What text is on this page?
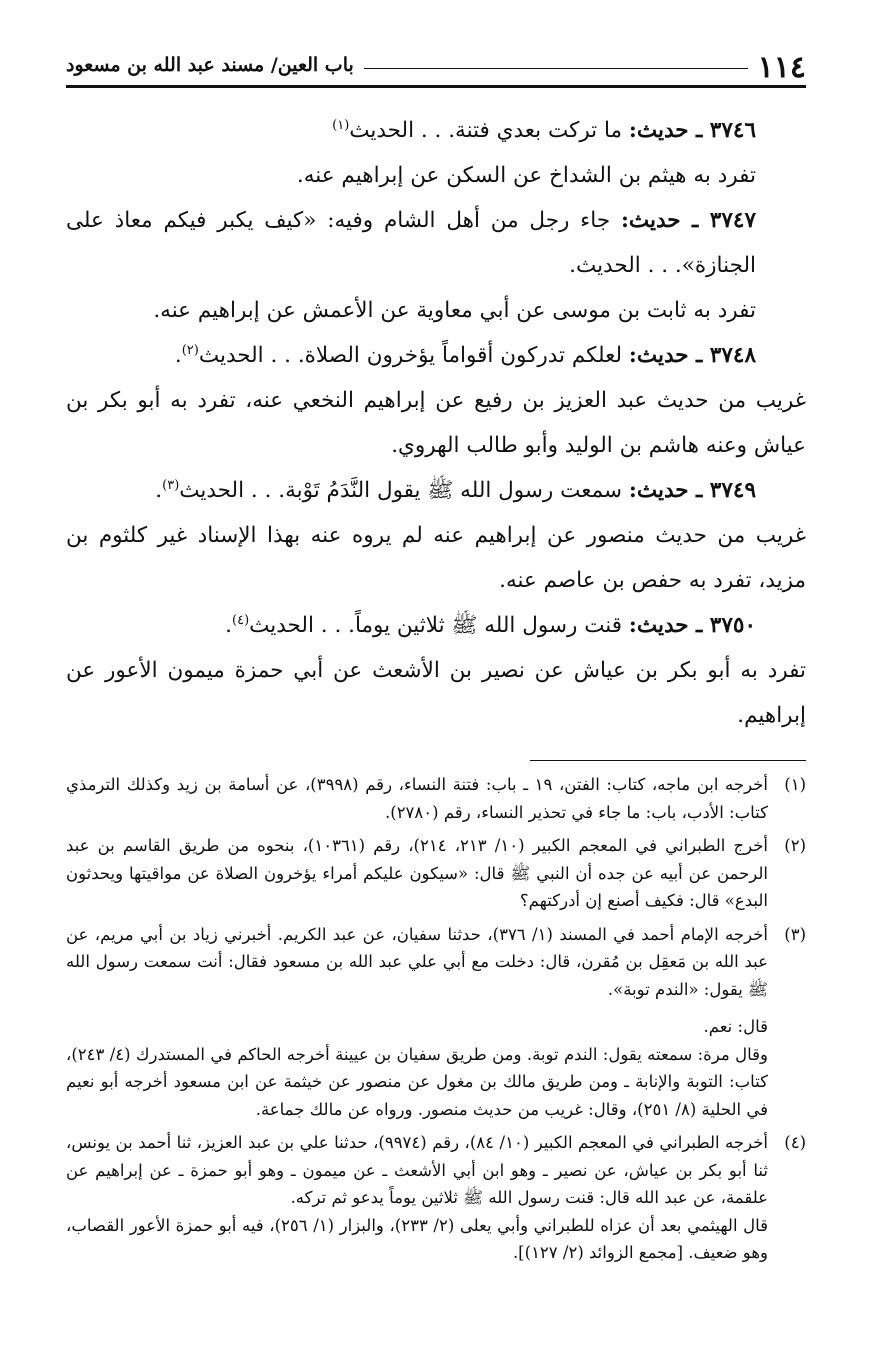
١١٤
باب العين/ مسند عبد الله بن مسعود

٣٧٤٦ ـ حديث: ما تركت بعدي فتنة. . . الحديث$^{(١)}$

تفرد به هيثم بن الشداخ عن السكن عن إبراهيم عنه.

٣٧٤٧ ـ حديث: جاء رجل من أهل الشام وفيه: «كيف يكبر فيكم معاذ على الجنازة». . . الحديث.

تفرد به ثابت بن موسى عن أبي معاوية عن الأعمش عن إبراهيم عنه.

٣٧٤٨ ـ حديث: لعلكم تدركون أقواماً يؤخرون الصلاة. . . الحديث$^{(٢)}$.

غريب من حديث عبد العزيز بن رفيع عن إبراهيم النخعي عنه، تفرد به أبو بكر بن عياش وعنه هاشم بن الوليد وأبو طالب الهروي.

٣٧٤٩ ـ حديث: سمعت رسول الله ﷺ يقول النَّدَمُ تَوْبة. . . الحديث$^{(٣)}$.

غريب من حديث منصور عن إبراهيم عنه لم يروه عنه بهذا الإسناد غير كلثوم بن مزيد، تفرد به حفص بن عاصم عنه.

٣٧٥٠ ـ حديث: قنت رسول الله ﷺ ثلاثين يوماً. . . الحديث$^{(٤)}$.

تفرد به أبو بكر بن عياش عن نصير بن الأشعث عن أبي حمزة ميمون الأعور عن إبراهيم.

(١)

أخرجه ابن ماجه، كتاب: الفتن، ١٩ ـ باب: فتنة النساء، رقم (٣٩٩٨)، عن أسامة بن زيد وكذلك الترمذي كتاب: الأدب، باب: ما جاء في تحذير النساء، رقم (٢٧٨٠).

(٢)

أخرج الطبراني في المعجم الكبير (١٠/ ٢١٣، ٢١٤)، رقم (١٠٣٦١)، بنحوه من طريق القاسم بن عبد الرحمن عن أبيه عن جده أن النبي ﷺ قال: «سيكون عليكم أمراء يؤخرون الصلاة عن مواقيتها ويحدثون البدع» قال: فكيف أصنع إن أدركتهم؟

(٣)

أخرجه الإمام أحمد في المسند (١/ ٣٧٦)، حدثنا سفيان، عن عبد الكريم. أخبرني زياد بن أبي مريم، عن عبد الله بن مَعقِل بن مُقرن، قال: دخلت مع أبي علي عبد الله بن مسعود فقال: أنت سمعت رسول الله ﷺ يقول: «الندم توبة».

قال: نعم.

وقال مرة: سمعته يقول: الندم توبة. ومن طريق سفيان بن عيينة أخرجه الحاكم في المستدرك (٤/ ٢٤٣)، كتاب: التوبة والإنابة ـ ومن طريق مالك بن مغول عن منصور عن خيثمة عن ابن مسعود أخرجه أبو نعيم في الحلية (٨/ ٢٥١)، وقال: غريب من حديث منصور. ورواه عن مالك جماعة.

(٤)

أخرجه الطبراني في المعجم الكبير (١٠/ ٨٤)، رقم (٩٩٧٤)، حدثنا علي بن عبد العزيز، ثنا أحمد بن يونس، ثنا أبو بكر بن عياش، عن نصير ـ وهو ابن أبي الأشعث ـ عن ميمون ـ وهو أبو حمزة ـ عن إبراهيم عن علقمة، عن عبد الله قال: قنت رسول الله ﷺ ثلاثين يوماً يدعو ثم تركه.

قال الهيثمي بعد أن عزاه للطبراني وأبي يعلى (٢/ ٢٣٣)، والبزار (١/ ٢٥٦)، فيه أبو حمزة الأعور القصاب، وهو ضعيف. [مجمع الزوائد (٢/ ١٢٧)].
